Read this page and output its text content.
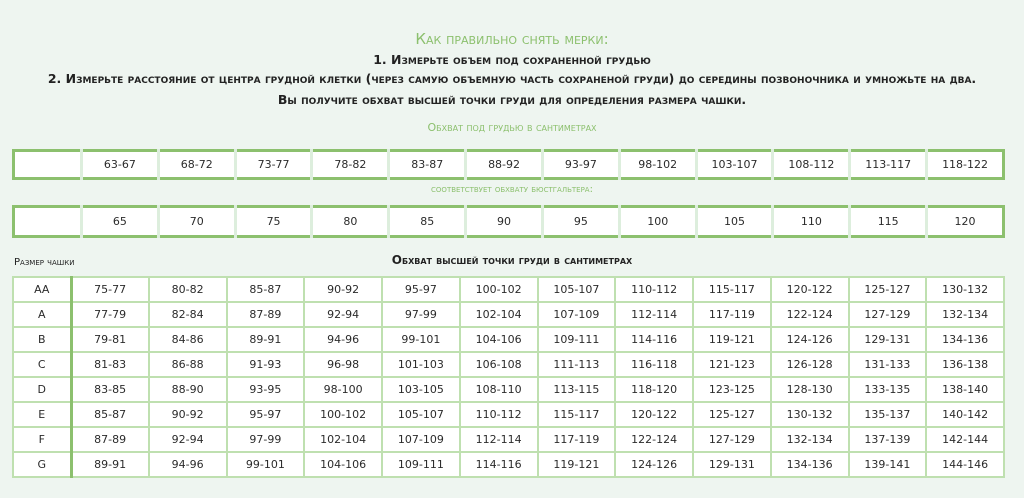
Как правильно снять мерки:
1. Измерьте объем под сохраненной грудью
2. Измерьте расстояние от центра грудной клетки (через самую объемную часть сохраненой груди) до середины позвоночника и умножьте на два.
Вы получите обхват высшей точки груди для определения размера чашки.
Обхват под грудью в сантиметрах
	63-67	68-72	73-77	78-82	83-87	88-92	93-97	98-102	103-107	108-112	113-117	118-122
соответствует обхвату бюстгальтера:
	65	70	75	80	85	90	95	100	105	110	115	120
Размер чашки	Обхват высшей точки груди в сантиметрах
AA	75-77	80-82	85-87	90-92	95-97	100-102	105-107	110-112	115-117	120-122	125-127	130-132
A	77-79	82-84	87-89	92-94	97-99	102-104	107-109	112-114	117-119	122-124	127-129	132-134
B	79-81	84-86	89-91	94-96	99-101	104-106	109-111	114-116	119-121	124-126	129-131	134-136
C	81-83	86-88	91-93	96-98	101-103	106-108	111-113	116-118	121-123	126-128	131-133	136-138
D	83-85	88-90	93-95	98-100	103-105	108-110	113-115	118-120	123-125	128-130	133-135	138-140
E	85-87	90-92	95-97	100-102	105-107	110-112	115-117	120-122	125-127	130-132	135-137	140-142
F	87-89	92-94	97-99	102-104	107-109	112-114	117-119	122-124	127-129	132-134	137-139	142-144
G	89-91	94-96	99-101	104-106	109-111	114-116	119-121	124-126	129-131	134-136	139-141	144-146
